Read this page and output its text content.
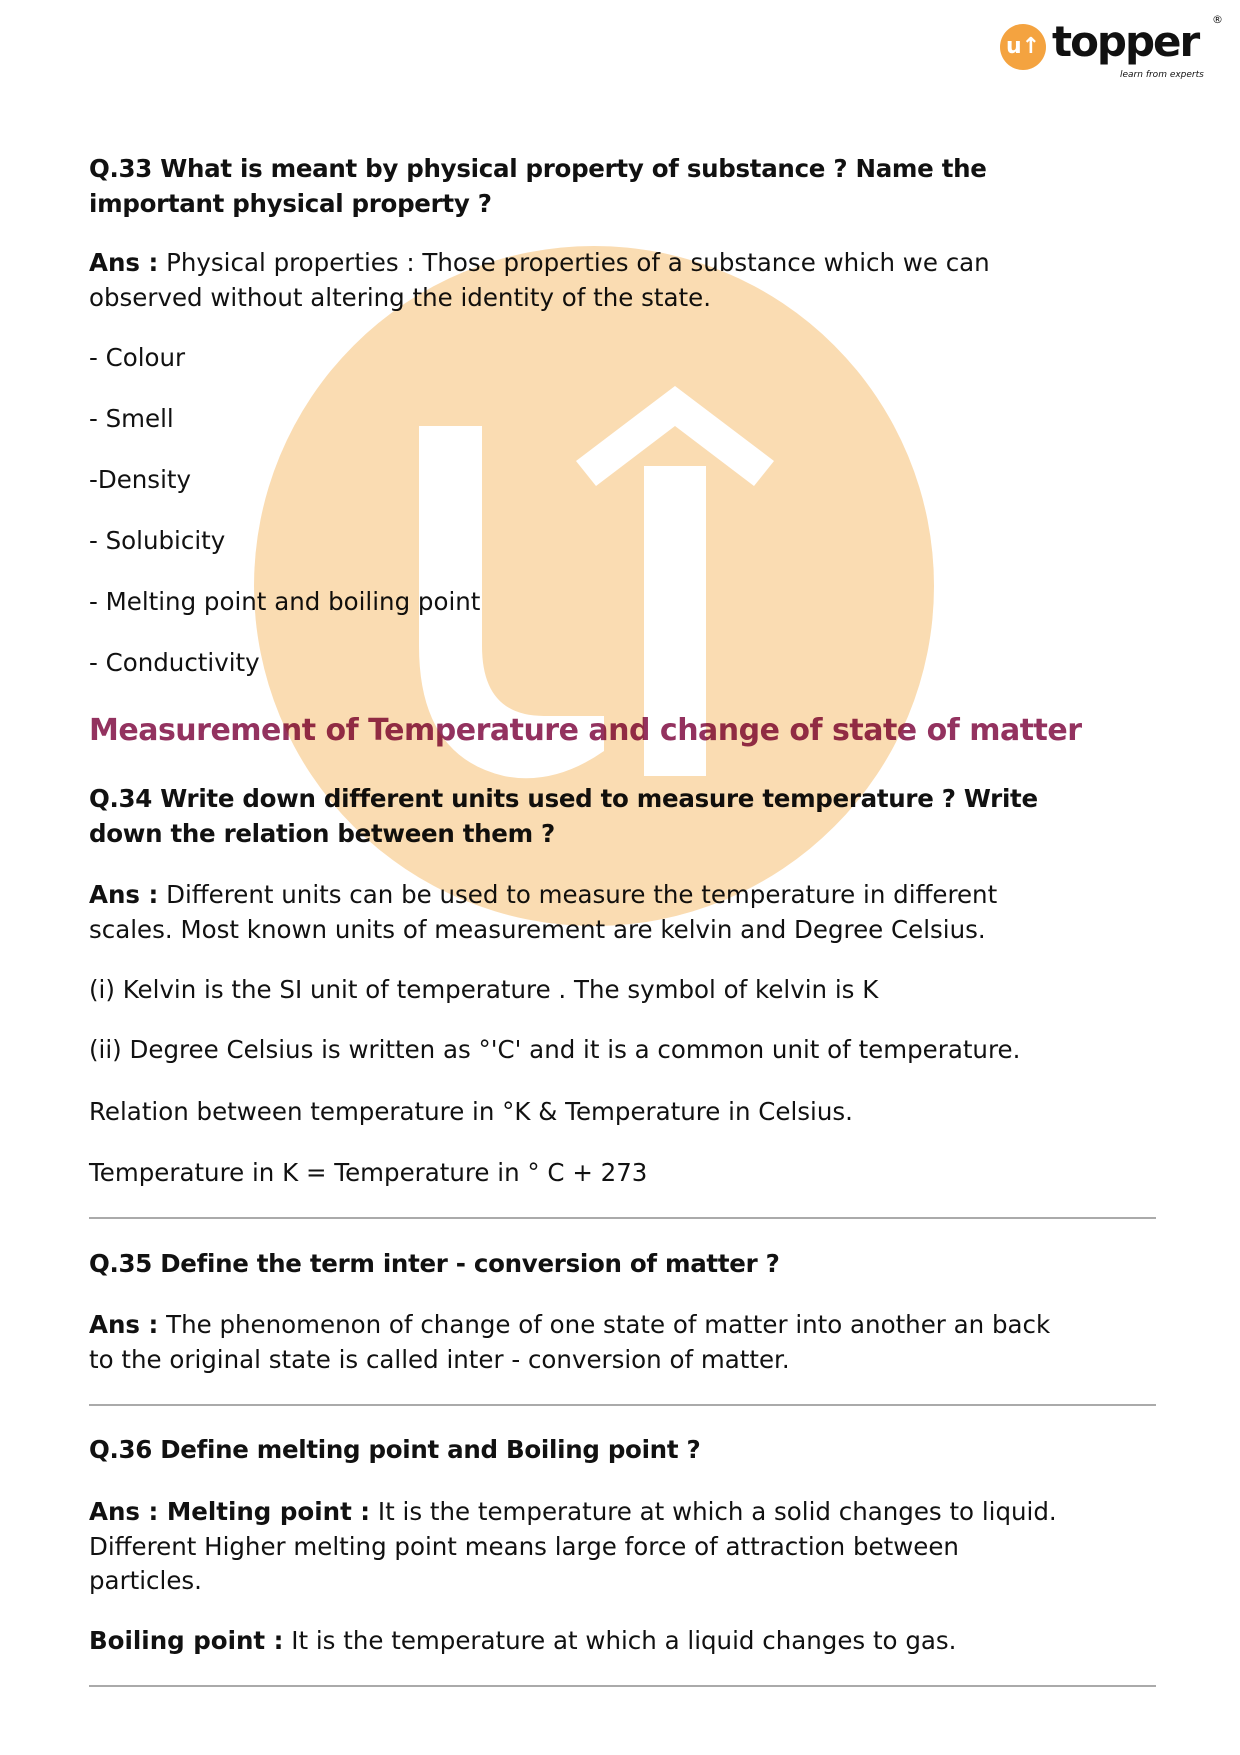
u↑ topper ®
learn from experts
Q.33 What is meant by physical property of substance ? Name the
important physical property ?
Ans : Physical properties : Those properties of a substance which we can
observed without altering the identity of the state.
- Colour
- Smell
-Density
- Solubicity
- Melting point and boiling point
- Conductivity
Measurement of Temperature and change of state of matter
Q.34 Write down different units used to measure temperature ? Write
down the relation between them ?
Ans : Different units can be used to measure the temperature in different
scales. Most known units of measurement are kelvin and Degree Celsius.
(i) Kelvin is the SI unit of temperature . The symbol of kelvin is K
(ii) Degree Celsius is written as °'C' and it is a common unit of temperature.
Relation between temperature in °K & Temperature in Celsius.
Temperature in K = Temperature in ° C + 273
Q.35 Define the term inter - conversion of matter ?
Ans : The phenomenon of change of one state of matter into another an back
to the original state is called inter - conversion of matter.
Q.36 Define melting point and Boiling point ?
Ans : Melting point : It is the temperature at which a solid changes to liquid.
Different Higher melting point means large force of attraction between
particles.
Boiling point : It is the temperature at which a liquid changes to gas.
